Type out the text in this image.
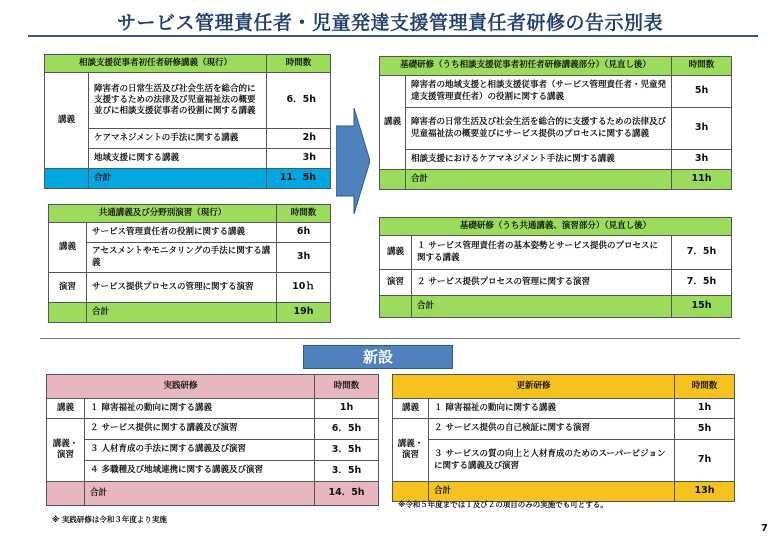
サービス管理責任者・児童発達支援管理責任者研修の告示別表
相談支援従事者初任者研修講義（現行）		時間数
講義	障害者の日常生活及び社会生活を総合的に支援するための法律及び児童福祉法の概要並びに相談支援従事者の役割に関する講義	6．5h
	ケアマネジメントの手法に関する講義	2h
	地域支援に関する講義	3h
	合計	11．5h
共通講義及び分野別演習（現行）		時間数
講義	サービス管理責任者の役割に関する講義	6h
	アセスメントやモニタリングの手法に関する講義	3h
演習	サービス提供プロセスの管理に関する演習	10ｈ
	合計	19h
基礎研修（うち相談支援従事者初任者研修講義部分）（見直し後）		時間数
講義	障害者の地域支援と相談支援従事者（サービス管理責任者・児童発達支援管理責任者）の役割に関する講義	5h
	障害者の日常生活及び社会生活を総合的に支援するための法律及び児童福祉法の概要並びにサービス提供のプロセスに関する講義	3h
	相談支援におけるケアマネジメント手法に関する講義	3h
	合計	11h
基礎研修（うち共通講義、演習部分）（見直し後）		
講義	１ サービス管理責任者の基本姿勢とサービス提供のプロセスに関する講義	7．5h
演習	２ サービス提供プロセスの管理に関する演習	7．5h
	合計	15h
新設
実践研修		時間数
講義	１ 障害福祉の動向に関する講義	1h
講義・演習	２ サービス提供に関する講義及び演習	6．5h
	３ 人材育成の手法に関する講義及び演習	3．5h
	４ 多職種及び地域連携に関する講義及び演習	3．5h
	合計	14．5h
更新研修		時間数
講義	１ 障害福祉の動向に関する講義	1h
講義・演習	２ サービス提供の自己検証に関する演習	5h
	３ サービスの質の向上と人材育成のためのスーパービジョンに関する講義及び演習	7h
	合計	13h
※ 実践研修は令和３年度より実施
※令和５年度までは１及び２の項目のみの実施でも可とする。
7
